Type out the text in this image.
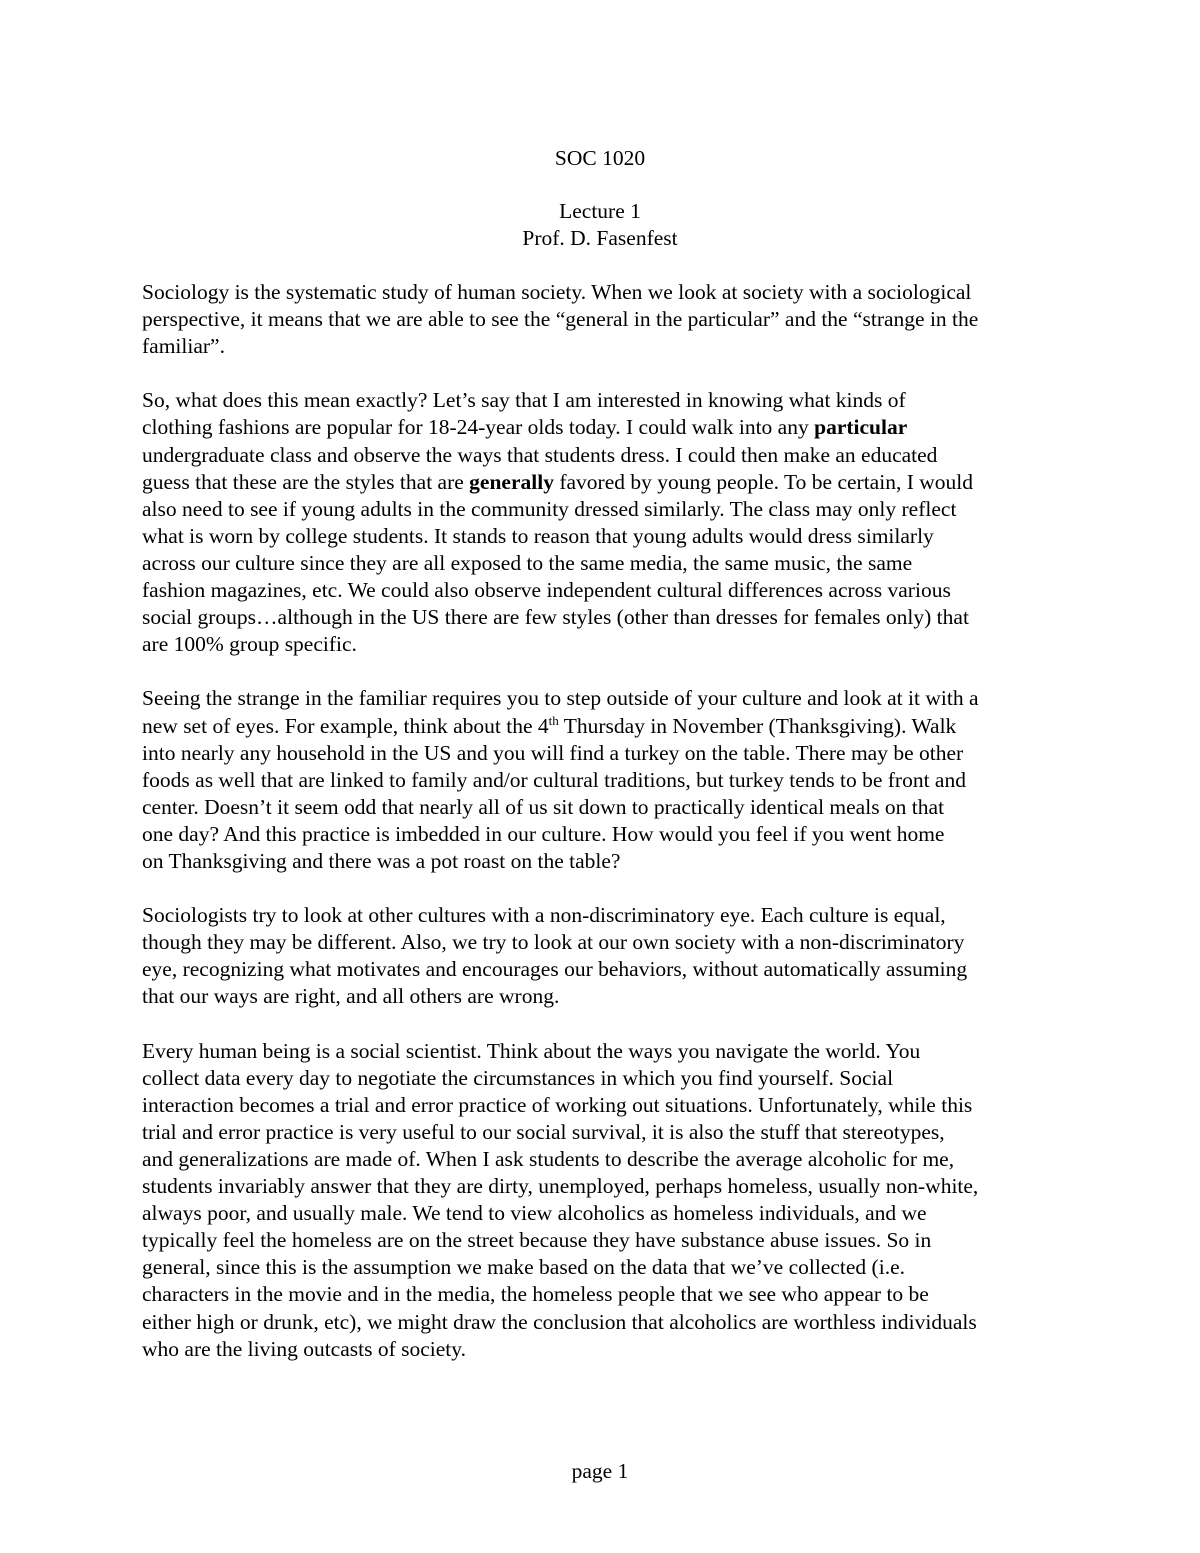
SOC 1020
Lecture 1
Prof. D. Fasenfest

Sociology is the systematic study of human society. When we look at society with a sociological
perspective, it means that we are able to see the “general in the particular” and the “strange in the
familiar”.

So, what does this mean exactly? Let’s say that I am interested in knowing what kinds of
clothing fashions are popular for 18-24-year olds today. I could walk into any particular
undergraduate class and observe the ways that students dress. I could then make an educated
guess that these are the styles that are generally favored by young people. To be certain, I would
also need to see if young adults in the community dressed similarly. The class may only reflect
what is worn by college students. It stands to reason that young adults would dress similarly
across our culture since they are all exposed to the same media, the same music, the same
fashion magazines, etc. We could also observe independent cultural differences across various
social groups…although in the US there are few styles (other than dresses for females only) that
are 100% group specific.

Seeing the strange in the familiar requires you to step outside of your culture and look at it with a
new set of eyes. For example, think about the 4th Thursday in November (Thanksgiving). Walk
into nearly any household in the US and you will find a turkey on the table. There may be other
foods as well that are linked to family and/or cultural traditions, but turkey tends to be front and
center. Doesn’t it seem odd that nearly all of us sit down to practically identical meals on that
one day? And this practice is imbedded in our culture. How would you feel if you went home
on Thanksgiving and there was a pot roast on the table?

Sociologists try to look at other cultures with a non-discriminatory eye. Each culture is equal,
though they may be different. Also, we try to look at our own society with a non-discriminatory
eye, recognizing what motivates and encourages our behaviors, without automatically assuming
that our ways are right, and all others are wrong.

Every human being is a social scientist. Think about the ways you navigate the world. You
collect data every day to negotiate the circumstances in which you find yourself. Social
interaction becomes a trial and error practice of working out situations. Unfortunately, while this
trial and error practice is very useful to our social survival, it is also the stuff that stereotypes,
and generalizations are made of. When I ask students to describe the average alcoholic for me,
students invariably answer that they are dirty, unemployed, perhaps homeless, usually non-white,
always poor, and usually male. We tend to view alcoholics as homeless individuals, and we
typically feel the homeless are on the street because they have substance abuse issues. So in
general, since this is the assumption we make based on the data that we’ve collected (i.e.
characters in the movie and in the media, the homeless people that we see who appear to be
either high or drunk, etc), we might draw the conclusion that alcoholics are worthless individuals
who are the living outcasts of society.

page 1
